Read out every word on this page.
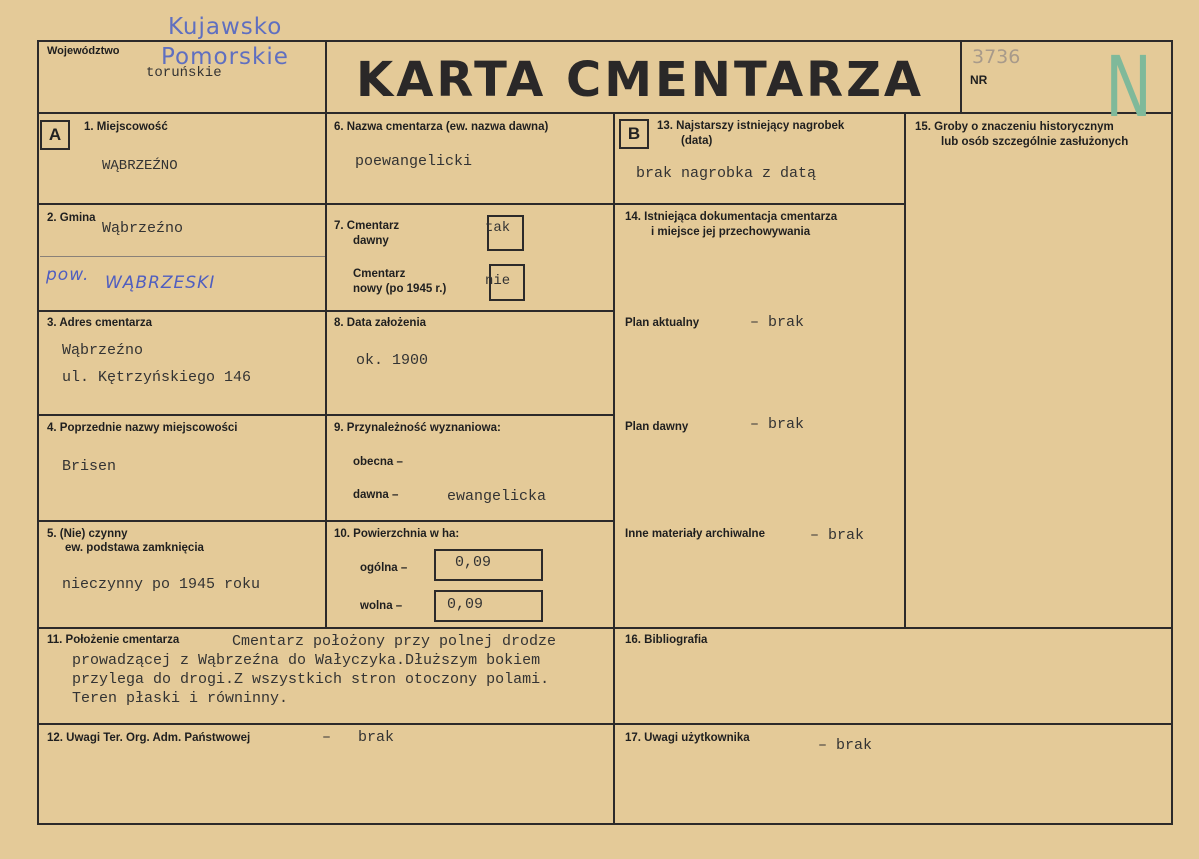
Województwo
Kujawsko
Pomorskie
toruńskie	KARTA CMENTARZA	3736
NR N
A	1. Miejscowość
WĄBRZEŹNO
2. Gmina
Wąbrzeźno
pow. WĄBRZESKI
3. Adres cmentarza
Wąbrzeźno
ul. Kętrzyńskiego 146
4. Poprzednie nazwy miejscowości
Brisen
5. (Nie) czynny
ew. podstawa zamknięcia
nieczynny po 1945 roku
6. Nazwa cmentarza (ew. nazwa dawna)
poewangelicki
7. Cmentarz
dawny
tak
Cmentarz
nowy (po 1945 r.)	nie
8. Data założenia
ok. 1900
9. Przynależność wyznaniowa:
obecna –
dawna –	ewangelicka
10. Powierzchnia w ha:
ogólna –	0,09
wolna –	0,09
B	13. Najstarszy istniejący nagrobek
(data)
brak nagrobka z datą
14. Istniejąca dokumentacja cmentarza
i miejsce jej przechowywania
Plan aktualny	– brak
Plan dawny	– brak
Inne materiały archiwalne	– brak
15. Groby o znaczeniu historycznym
lub osób szczególnie zasłużonych
11. Położenie cmentarza	Cmentarz położony przy polnej drodze
prowadzącej z Wąbrzeźna do Wałyczyka.Dłuższym bokiem
przylega do drogi.Z wszystkich stron otoczony polami.
Teren płaski i równinny.
16. Bibliografia
12. Uwagi Ter. Org. Adm. Państwowej	–   brak	17. Uwagi użytkownika	– brak
